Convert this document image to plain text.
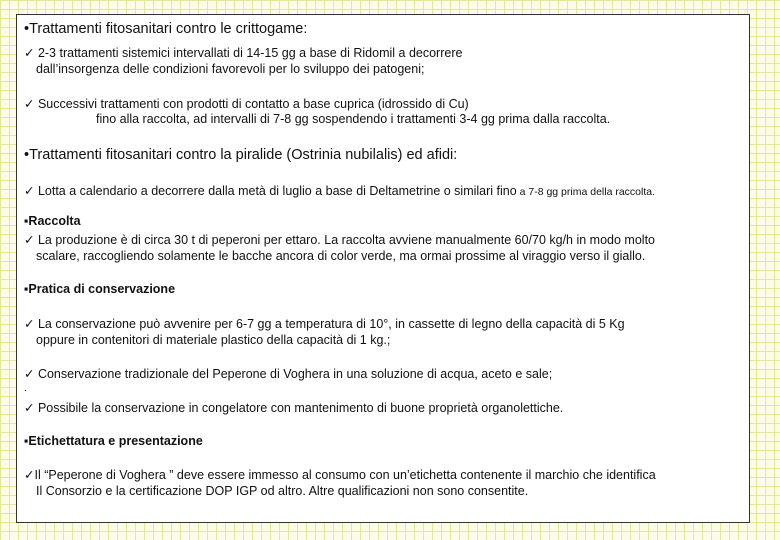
•Trattamenti fitosanitari contro le crittogame:
✓ 2-3 trattamenti sistemici intervallati di 14-15 gg a base di Ridomil a decorrere
dall’insorgenza delle condizioni favorevoli per lo sviluppo dei patogeni;
✓ Successivi trattamenti con prodotti di contatto a base cuprica (idrossido di Cu)
fino alla raccolta, ad intervalli di 7-8 gg sospendendo i trattamenti 3-4 gg prima dalla raccolta.
•Trattamenti fitosanitari contro la piralide (Ostrinia nubilalis) ed afidi:
✓ Lotta a calendario a decorrere dalla metà di luglio a base di Deltametrine o similari fino a 7-8 gg prima della raccolta.
▪Raccolta
✓ La produzione è di circa 30 t di peperoni per ettaro. La raccolta avviene manualmente 60/70 kg/h in modo molto
scalare, raccogliendo solamente le bacche ancora di color verde, ma ormai prossime al viraggio verso il giallo.
▪Pratica di conservazione
✓ La conservazione può avvenire per 6-7 gg a temperatura di 10°, in cassette di legno della capacità di 5 Kg
oppure in contenitori di materiale plastico della capacità di 1 kg.;
✓ Conservazione tradizionale del Peperone di Voghera in una soluzione di acqua, aceto e sale;
.
✓ Possibile la conservazione in congelatore con mantenimento di buone proprietà organolettiche.
▪Etichettatura e presentazione
✓Il “Peperone di Voghera ” deve essere immesso al consumo con un’etichetta contenente il marchio che identifica
Il Consorzio e la certificazione DOP IGP od altro. Altre qualificazioni non sono consentite.
